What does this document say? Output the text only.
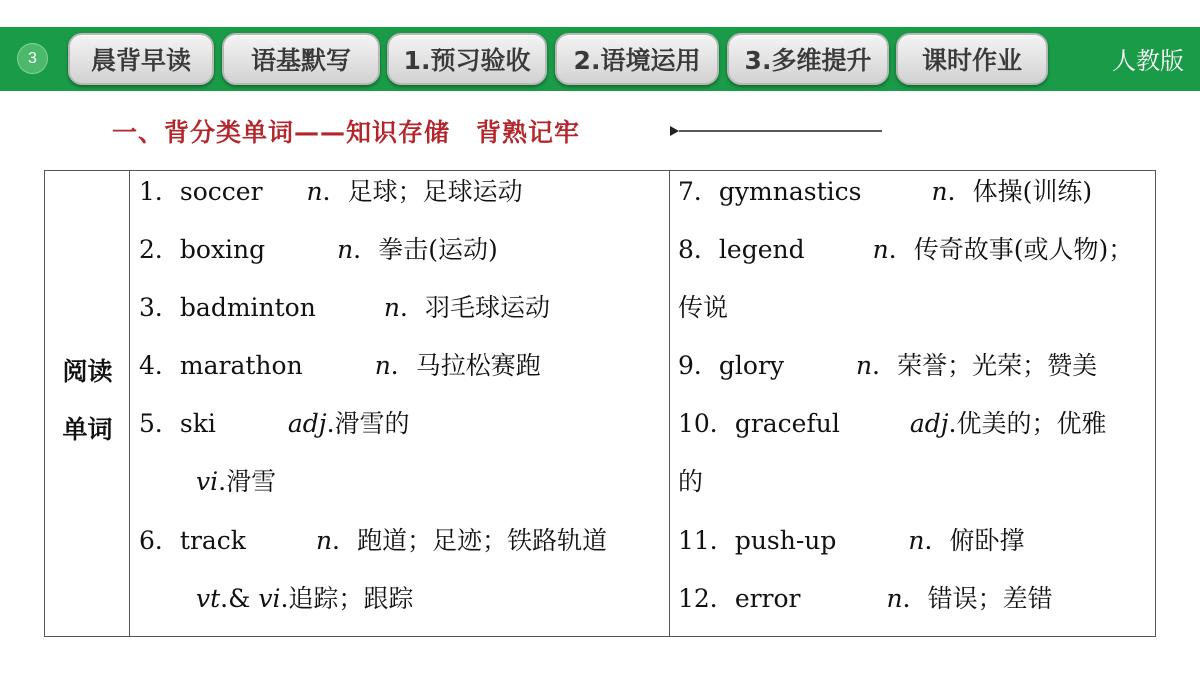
3	晨背早读	语基默写	1.预习验收	2.语境运用	3.多维提升	课时作业	人教版
一、背分类单词——知识存储　背熟记牢
阅读
单词
1．soccer n．足球；足球运动
2．boxing	n．拳击(运动)
3．badminton	n．羽毛球运动
4．marathon	n．马拉松赛跑
5．ski	adj.滑雪的
vi.滑雪
6．track	n．跑道；足迹；铁路轨道
vt.& vi.追踪；跟踪
7．gymnastics	n．体操(训练)
8．legend	n．传奇故事(或人物)；
传说
9．glory	n．荣誉；光荣；赞美
10．graceful	adj.优美的；优雅
的
11．push-up	n．俯卧撑
12．error	n．错误；差错
